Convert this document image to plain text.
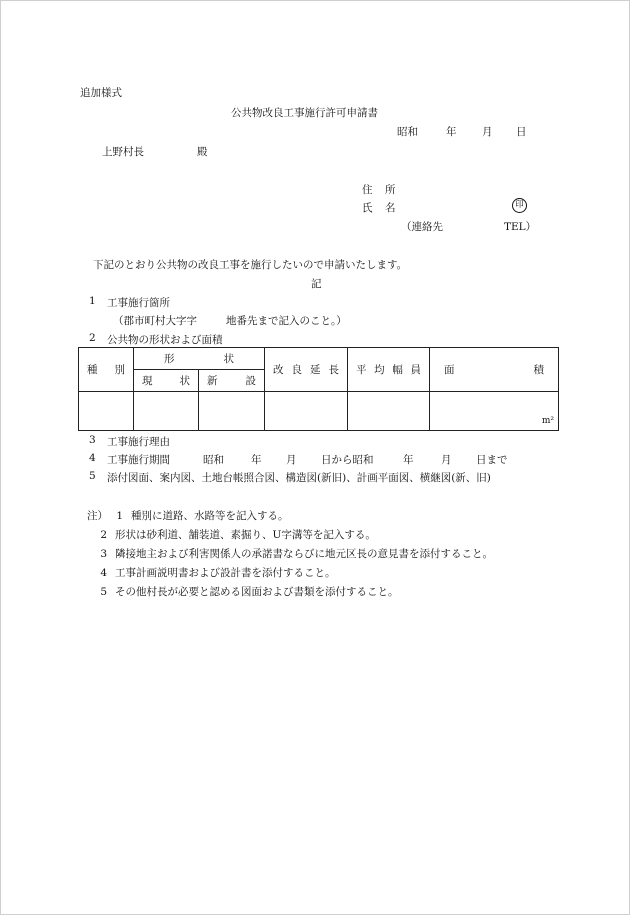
追加様式
公共物改良工事施行許可申請書
昭和	年 月 日
上野村長	殿
住 所
氏 名	印
（連絡先	TEL）
下記のとおり公共物の改良工事を施行したいので申請いたします。
記
1 工事施行箇所
（郡市町村大字字	地番先まで記入のこと。）
2 公共物の形状および面積
種 別	形 状		改 良 延 長	平 均 幅 員	面 積

	現 状	新 設			

					m²
3 工事施行理由
4 工事施行期間	昭和	年 月 日から昭和	年	月 日まで
5 添付図面、案内図、土地台帳照合図、構造図(新旧)、計画平面図、横継図(新、旧)
注） 1 種別に道路、水路等を記入する。
2 形状は砂利道、舗装道、素掘り、U字溝等を記入する。
3 隣接地主および利害関係人の承諾書ならびに地元区長の意見書を添付すること。
4 工事計画説明書および設計書を添付すること。
5 その他村長が必要と認める図面および書類を添付すること。
